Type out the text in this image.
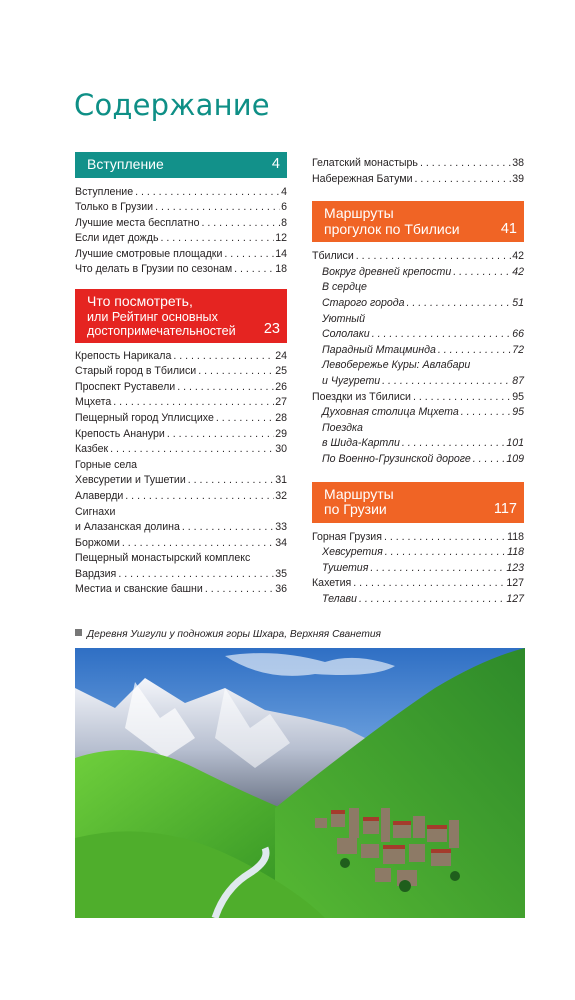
Содержание
Вступление	4
Вступление . . .	4
Только в Грузии . . .	6
Лучшие места бесплатно . . .	8
Если идет дождь . . .	12
Лучшие смотровые площадки . . .	14
Что делать в Грузии по сезонам . . .	18
Что посмотреть,
или Рейтинг основных
достопримечательностей	23
Крепость Нарикала . . .	24
Старый город в Тбилиси . . .	25
Проспект Руставели . . .	26
Мцхета . . .	27
Пещерный город Уплисцихе . . .	28
Крепость Ананури . . .	29
Казбек . . .	30
Горные села
Хевсуретии и Тушетии . . .	31
Алаверди . . .	32
Сигнахи
и Алазанская долина . . .	33
Боржоми . . .	34
Пещерный монастырский комплекс
Вардзия . . .	35
Местиа и сванские башни . . .	36
Гелатский монастырь . . .	38
Набережная Батуми . . .	39
Маршруты
прогулок по Тбилиси	41
Тбилиси . . .	42
Вокруг древней крепости . . .	42
В сердце
Старого города . . .	51
Уютный
Сололаки . . .	66
Парадный Мтацминда . . .	72
Левобережье Куры: Авлабари
и Чугурети . . .	87
Поездки из Тбилиси . . .	95
Духовная столица Мцхета . . .	95
Поездка
в Шида-Картли . . .	101
По Военно-Грузинской дороге . . .	109
Маршруты
по Грузии	117
Горная Грузия . . .	118
Хевсуретия . . .	118
Тушетия . . .	123
Кахетия . . .	127
Телави . . .	127
Деревня Ушгули у подножия горы Шхара, Верхняя Сванетия
